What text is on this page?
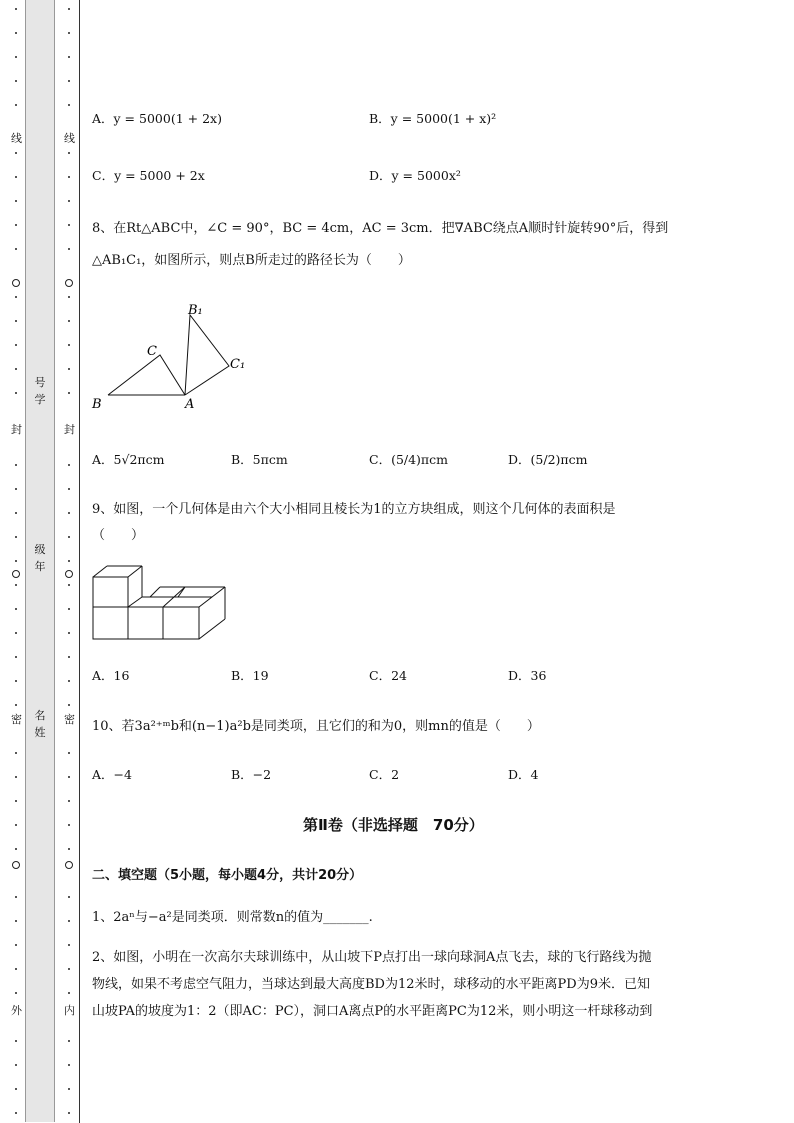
线
封
密
外
线
封
密
内
号学
级年
名姓
A．y = 5000(1 + 2x)	B．y = 5000(1 + x)²
C．y = 5000 + 2x	D．y = 5000x²
8、在Rt△ABC中，∠C = 90°，BC = 4cm，AC = 3cm．把∇ABC绕点A顺时针旋转90°后，得到
△AB₁C₁，如图所示，则点B所走过的路径长为（　　）
B₁
C
C₁
B	A
A．5√2πcm	B．5πcm	C．(5/4)πcm	D．(5/2)πcm
9、如图，一个几何体是由六个大小相同且棱长为1的立方块组成，则这个几何体的表面积是
（　　）
A．16	B．19	C．24	D．36
10、若3a²⁺ᵐb和(n−1)a²b是同类项，且它们的和为0，则mn的值是（　　）
A．−4	B．−2	C．2	D．4
第Ⅱ卷（非选择题　70分）
二、填空题（5小题，每小题4分，共计20分）
1、2aⁿ与−a²是同类项．则常数n的值为_______.
2、如图，小明在一次高尔夫球训练中，从山坡下P点打出一球向球洞A点飞去，球的飞行路线为抛
物线，如果不考虑空气阻力，当球达到最大高度BD为12米时，球移动的水平距离PD为9米．已知
山坡PA的坡度为1：2（即AC：PC），洞口A离点P的水平距离PC为12米，则小明这一杆球移动到
